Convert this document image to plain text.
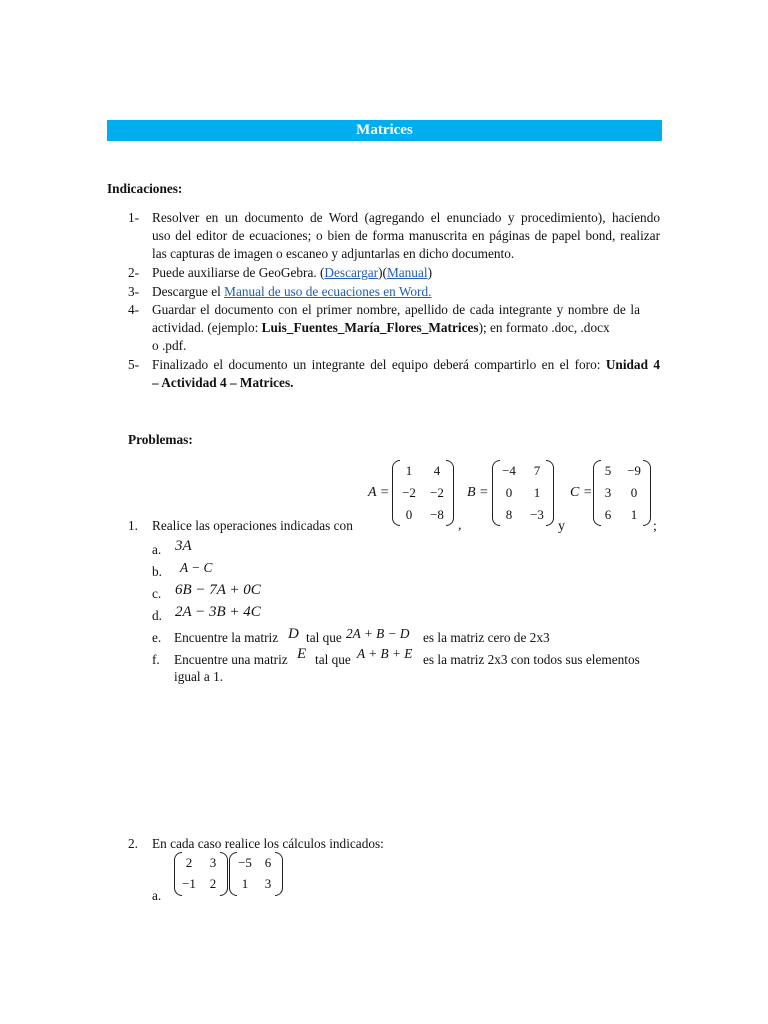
Matrices
Indicaciones:
1- Resolver en un documento de Word (agregando el enunciado y procedimiento), haciendo
uso del editor de ecuaciones; o bien de forma manuscrita en páginas de papel bond, realizar
las capturas de imagen o escaneo y adjuntarlas en dicho documento.
2- Puede auxiliarse de GeoGebra. (Descargar)(Manual)
3- Descargue el Manual de uso de ecuaciones en Word.
4- Guardar el documento con el primer nombre, apellido de cada integrante y nombre de la
actividad. (ejemplo: Luis_Fuentes_María_Flores_Matrices); en formato .doc, .docx
o .pdf.
5- Finalizado el documento un integrante del equipo deberá compartirlo en el foro: Unidad 4
– Actividad 4 – Matrices.
Problemas:
A =
1	4
−2	−2
0	−8
,
B =
−4	7
0	1
8	−3
y
C =
5	−9
3	0
6	1
;
1. Realice las operaciones indicadas con
a. 3A
b. A − C
c. 6B − 7A + 0C
d. 2A − 3B + 4C
e. Encuentre la matriz D tal que 2A + B − D es la matriz cero de 2x3
f. Encuentre una matriz E tal que A + B + E es la matriz 2x3 con todos sus elementos
igual a 1.
2. En cada caso realice los cálculos indicados:
a.
2	3
−1	2
−5 6
1	3
